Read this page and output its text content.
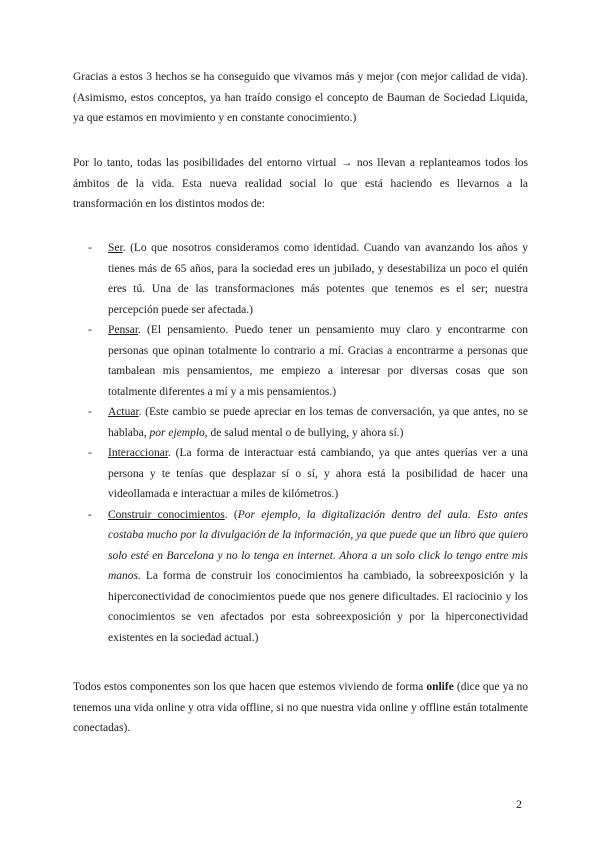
Gracias a estos 3 hechos se ha conseguido que vivamos más y mejor (con mejor calidad de vida). (Asimismo, estos conceptos, ya han traído consigo el concepto de Bauman de Sociedad Liquida, ya que estamos en movimiento y en constante conocimiento.)

Por lo tanto, todas las posibilidades del entorno virtual → nos llevan a replanteamos todos los ámbitos de la vida. Esta nueva realidad social lo que está haciendo es llevarnos a la transformación en los distintos modos de:

- Ser. (Lo que nosotros consideramos como identidad. Cuando van avanzando los años y tienes más de 65 años, para la sociedad eres un jubilado, y desestabiliza un poco el quién eres tú. Una de las transformaciones más potentes que tenemos es el ser; nuestra percepción puede ser afectada.)
- Pensar. (El pensamiento. Puedo tener un pensamiento muy claro y encontrarme con personas que opinan totalmente lo contrario a mí. Gracias a encontrarme a personas que tambalean mis pensamientos, me empiezo a interesar por diversas cosas que son totalmente diferentes a mí y a mis pensamientos.)
- Actuar. (Este cambio se puede apreciar en los temas de conversación, ya que antes, no se hablaba, por ejemplo, de salud mental o de bullying, y ahora sí.)
- Interaccionar. (La forma de interactuar está cambiando, ya que antes querías ver a una persona y te tenías que desplazar sí o sí, y ahora está la posibilidad de hacer una videollamada e interactuar a miles de kilómetros.)
- Construir conocimientos. (Por ejemplo, la digitalización dentro del aula. Esto antes costaba mucho por la divulgación de la información, ya que puede que un libro que quiero solo esté en Barcelona y no lo tenga en internet. Ahora a un solo click lo tengo entre mis manos. La forma de construir los conocimientos ha cambiado, la sobreexposición y la hiperconectividad de conocimientos puede que nos genere dificultades. El raciocinio y los conocimientos se ven afectados por esta sobreexposición y por la hiperconectividad existentes en la sociedad actual.)

Todos estos componentes son los que hacen que estemos viviendo de forma onlife (dice que ya no tenemos una vida online y otra vida offline, si no que nuestra vida online y offline están totalmente conectadas).

2
